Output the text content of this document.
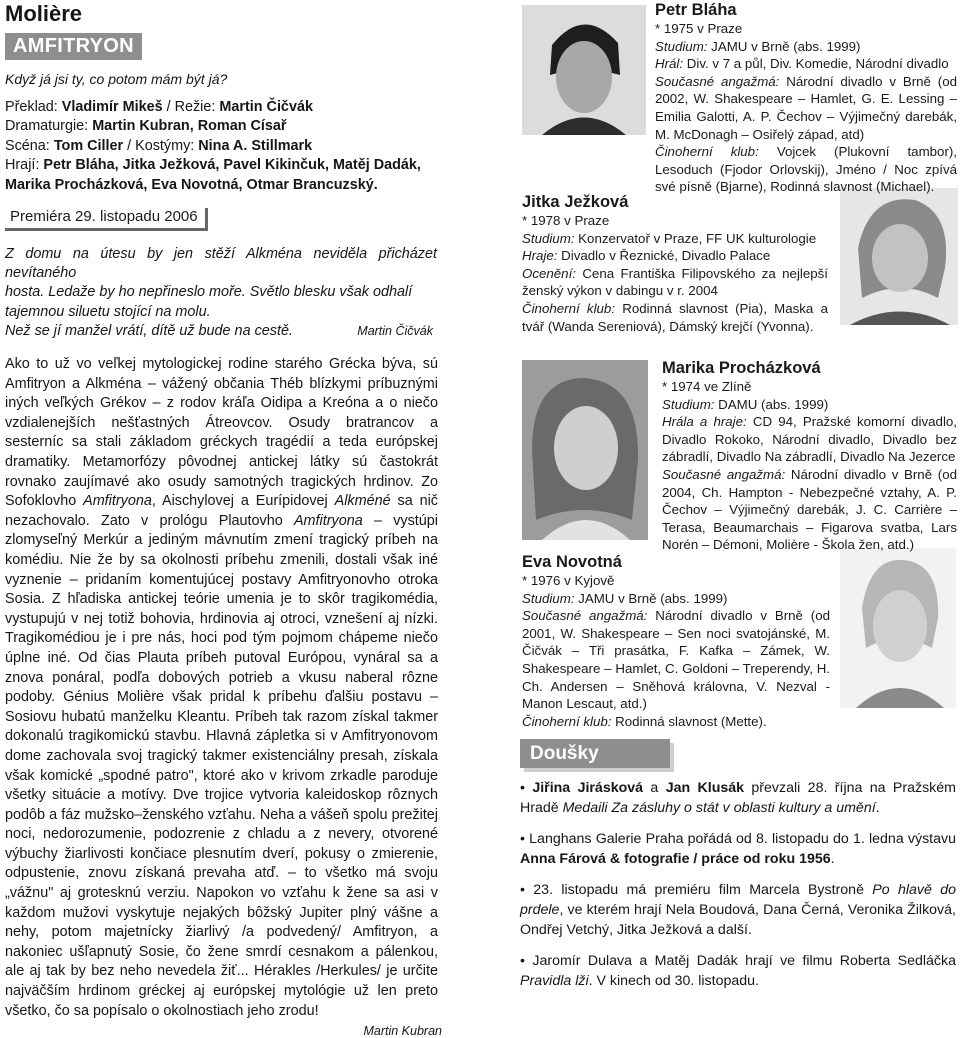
Molière
AMFITRYON
Když já jsi ty, co potom mám být já?
Překlad: Vladimír Mikeš / Režie: Martin Čičvák
Dramaturgie: Martin Kubran, Roman Císař
Scéna: Tom Ciller / Kostýmy: Nina A. Stillmark
Hrají: Petr Bláha, Jitka Ježková, Pavel Kikinčuk, Matěj Dadák,
Marika Procházková, Eva Novotná, Otmar Brancuzský.
Premiéra 29. listopadu 2006
Z domu na útesu by jen stěží Alkména neviděla přicházet nevítaného
hosta. Ledaže by ho nepřineslo moře. Světlo blesku však odhalí
tajemnou siluetu stojící na molu.
Než se jí manžel vrátí, dítě už bude na cestě.	Martin Čičvák
Ako to už vo veľkej mytologickej rodine starého Grécka býva, sú Amfitryon a Alkména – vážený občania Théb blízkymi príbuznými iných veľkých Grékov – z rodov kráľa Oidipa a Kreóna a o niečo vzdialenejších nešťastných Átreovcov. Osudy bratrancov a sesterníc sa stali základom gréckych tragédií a teda európskej dramatiky. Metamorfózy pôvodnej antickej látky sú častokrát rovnako zaujímavé ako osudy samotných tragických hrdinov. Zo Sofoklovho Amfitryona, Aischylovej a Eurípidovej Alkméné sa nič nezachovalo. Zato v prológu Plautovho Amfitryona – vystúpi zlomyseľný Merkúr a jediným mávnutím zmení tragický príbeh na komédiu. Nie že by sa okolnosti príbehu zmenili, dostali však iné vyznenie – pridaním komentujúcej postavy Amfitryonovho otroka Sosia. Z hľadiska antickej teórie umenia je to skôr tragikomédia, vystupujú v nej totiž bohovia, hrdinovia aj otroci, vznešení aj nízki. Tragikomédiou je i pre nás, hoci pod tým pojmom chápeme niečo úplne iné. Od čias Plauta príbeh putoval Európou, vynáral sa a znova ponáral, podľa dobových potrieb a vkusu naberal rôzne podoby. Génius Molière však pridal k príbehu ďalšiu postavu – Sosiovu hubatú manželku Kleantu. Príbeh tak razom získal takmer dokonalú tragikomickú stavbu. Hlavná zápletka si v Amfitryonovom dome zachovala svoj tragický takmer existenciálny presah, získala však komické „spodné patro", ktoré ako v krivom zrkadle paroduje všetky situácie a motívy. Dve trojice vytvoria kaleidoskop rôznych podôb a fáz mužsko–ženského vzťahu. Neha a vášeň spolu prežitej noci, nedorozumenie, podozrenie z chladu a z nevery, otvorené výbuchy žiarlivosti končiace plesnutím dverí, pokusy o zmierenie, odpustenie, znovu získaná prevaha atď. – to všetko má svoju „vážnu" aj grotesknú verziu. Napokon vo vzťahu k žene sa asi v každom mužovi vyskytuje nejakých bôžský Jupiter plný vášne a nehy, potom majetnícky žiarlivý /a podvedený/ Amfitryon, a nakoniec ušľapnutý Sosie, čo žene smrdí cesnakom a pálenkou, ale aj tak by bez neho nevedela žiť... Hérakles /Herkules/ je určite najväčším hrdinom gréckej aj európskej mytológie už len preto všetko, čo sa popísalo o okolnostiach jeho zrodu!
Martin Kubran
Petr Bláha
* 1975 v Praze
Studium: JAMU v Brně (abs. 1999)
Hrál: Div. v 7 a půl, Div. Komedie, Národní divadlo
Současné angažmá: Národní divadlo v Brně (od 2002, W. Shakespeare – Hamlet, G. E. Lessing – Emilia Galotti, A. P. Čechov – Výjimečný darebák, M. McDonagh – Osiřelý západ, atd)
Činoherní klub: Vojcek (Plukovní tambor), Lesoduch (Fjodor Orlovskij), Jméno / Noc zpívá své písně (Bjarne), Rodinná slavnost (Michael).
Jitka Ježková
* 1978 v Praze
Studium: Konzervatoř v Praze, FF UK kulturologie
Hraje: Divadlo v Řeznické, Divadlo Palace
Ocenění: Cena Františka Filipovského za nejlepší ženský výkon v dabingu v r. 2004
Činoherní klub: Rodinná slavnost (Pia), Maska a tvář (Wanda Sereniová), Dámský krejčí (Yvonna).
Marika Procházková
* 1974 ve Zlíně
Studium: DAMU (abs. 1999)
Hrála a hraje: CD 94, Pražské komorní divadlo, Divadlo Rokoko, Národní divadlo, Divadlo bez zábradlí, Divadlo Na zábradlí, Divadlo Na Jezerce
Současné angažmá: Národní divadlo v Brně (od 2004, Ch. Hampton - Nebezpečné vztahy, A. P. Čechov – Výjimečný darebák, J. C. Carrière – Terasa, Beaumarchais – Figarova svatba, Lars Norén – Démoni, Molière - Škola žen, atd.)
Eva Novotná
* 1976 v Kyjově
Studium: JAMU v Brně (abs. 1999)
Současné angažmá: Národní divadlo v Brně (od 2001, W. Shakespeare – Sen noci svatojánské, M. Čičvák – Tři prasátka, F. Kafka – Zámek, W. Shakespeare – Hamlet, C. Goldoni – Treperendy, H. Ch. Andersen – Sněhová královna, V. Nezval - Manon Lescaut, atd.)
Činoherní klub: Rodinná slavnost (Mette).
Doušky
• Jiřina Jirásková a Jan Klusák převzali 28. října na Pražském Hradě Medaili Za zásluhy o stát v oblasti kultury a umění.
• Langhans Galerie Praha pořádá od 8. listopadu do 1. ledna výstavu Anna Fárová & fotografie / práce od roku 1956.
• 23. listopadu má premiéru film Marcela Bystroně Po hlavě do prdele, ve kterém hrají Nela Boudová, Dana Černá, Veronika Žilková, Ondřej Vetchý, Jitka Ježková a další.
• Jaromír Dulava a Matěj Dadák hrají ve filmu Roberta Sedláčka Pravidla lži. V kinech od 30. listopadu.
